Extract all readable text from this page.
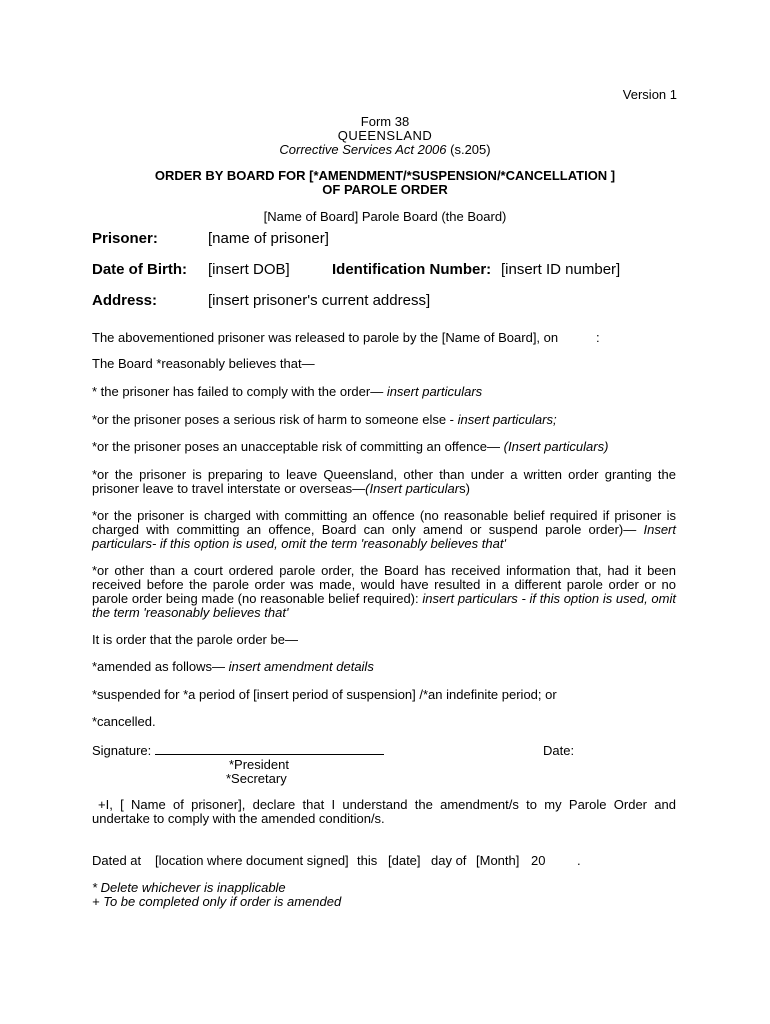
Version 1
Form 38
QUEENSLAND
Corrective Services Act 2006 (s.205)
ORDER BY BOARD FOR [*AMENDMENT/*SUSPENSION/*CANCELLATION ]
OF PAROLE ORDER
[Name of Board] Parole Board (the Board)
Prisoner:	[name of prisoner]
Date of Birth: [insert DOB]	Identification Number: [insert ID number]
Address:	[insert prisoner's current address]
The abovementioned prisoner was released to parole by the [Name of Board], on	:
The Board *reasonably believes that—
* the prisoner has failed to comply with the order— insert particulars
*or the prisoner poses a serious risk of harm to someone else - insert particulars;
*or the prisoner poses an unacceptable risk of committing an offence— (Insert particulars)
*or the prisoner is preparing to leave Queensland, other than under a written order granting the prisoner leave to travel interstate or overseas—(Insert particulars)
*or the prisoner is charged with committing an offence (no reasonable belief required if prisoner is charged with committing an offence, Board can only amend or suspend parole order)— Insert particulars- if this option is used, omit the term 'reasonably believes that'
*or other than a court ordered parole order, the Board has received information that, had it been received before the parole order was made, would have resulted in a different parole order or no parole order being made (no reasonable belief required): insert particulars - if this option is used, omit the term 'reasonably believes that'
It is order that the parole order be—
*amended as follows— insert amendment details
*suspended for *a period of [insert period of suspension] /*an indefinite period; or
*cancelled.
Signature:	Date:
*President
*Secretary
+I, [ Name of prisoner], declare that I understand the amendment/s to my Parole Order and undertake to comply with the amended condition/s.
Dated at [location where document signed] this [date] day of [Month] 20 .
* Delete whichever is inapplicable
+ To be completed only if order is amended
